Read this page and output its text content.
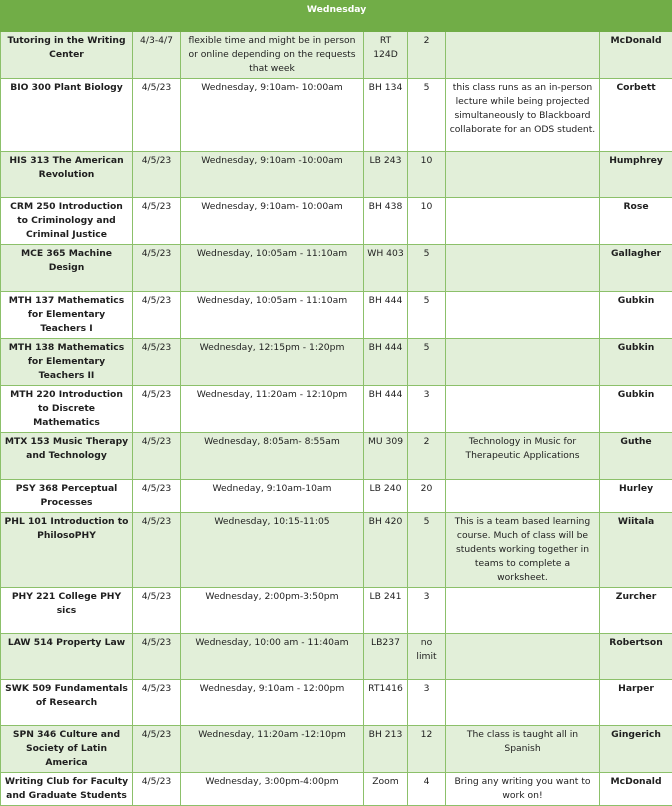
Wednesday						
Tutoring in the Writing Center	4/3-4/7	flexible time and might be in person or online depending on the requests that week	RT 124D	2		McDonald
BIO 300 Plant Biology	4/5/23	Wednesday, 9:10am- 10:00am	BH 134	5	this class runs as an in-person lecture while being projected simultaneously to Blackboard collaborate for an ODS student.	Corbett
HIS 313 The American Revolution	4/5/23	Wednesday, 9:10am -10:00am	LB 243	10		Humphrey
CRM 250 Introduction to Criminology and Criminal Justice	4/5/23	Wednesday, 9:10am- 10:00am	BH 438	10		Rose
MCE 365 Machine Design	4/5/23	Wednesday, 10:05am - 11:10am	WH 403	5		Gallagher
MTH 137 Mathematics for Elementary Teachers I	4/5/23	Wednesday, 10:05am - 11:10am	BH 444	5		Gubkin
MTH 138 Mathematics for Elementary Teachers II	4/5/23	Wednesday, 12:15pm - 1:20pm	BH 444	5		Gubkin
MTH 220 Introduction to Discrete Mathematics	4/5/23	Wednesday, 11:20am - 12:10pm	BH 444	3		Gubkin
MTX 153 Music Therapy and Technology	4/5/23	Wednesday, 8:05am- 8:55am	MU 309	2	Technology in Music for Therapeutic Applications	Guthe
PSY 368 Perceptual Processes	4/5/23	Wedneday, 9:10am-10am	LB 240	20		Hurley
PHL 101 Introduction to PhilosoPHY	4/5/23	Wednesday, 10:15-11:05	BH 420	5	This is a team based learning course. Much of class will be students working together in teams to complete a worksheet.	Wiitala
PHY 221 College PHY sics	4/5/23	Wednesday, 2:00pm-3:50pm	LB 241	3		Zurcher
LAW 514 Property Law	4/5/23	Wednesday, 10:00 am - 11:40am	LB237	no limit		Robertson
SWK 509 Fundamentals of Research	4/5/23	Wednesday, 9:10am - 12:00pm	RT1416	3		Harper
SPN 346 Culture and Society of Latin America	4/5/23	Wednesday, 11:20am -12:10pm	BH 213	12	The class is taught all in Spanish	Gingerich
Writing Club for Faculty and Graduate Students	4/5/23	Wednesday, 3:00pm-4:00pm	Zoom	4	Bring any writing you want to work on!	McDonald
